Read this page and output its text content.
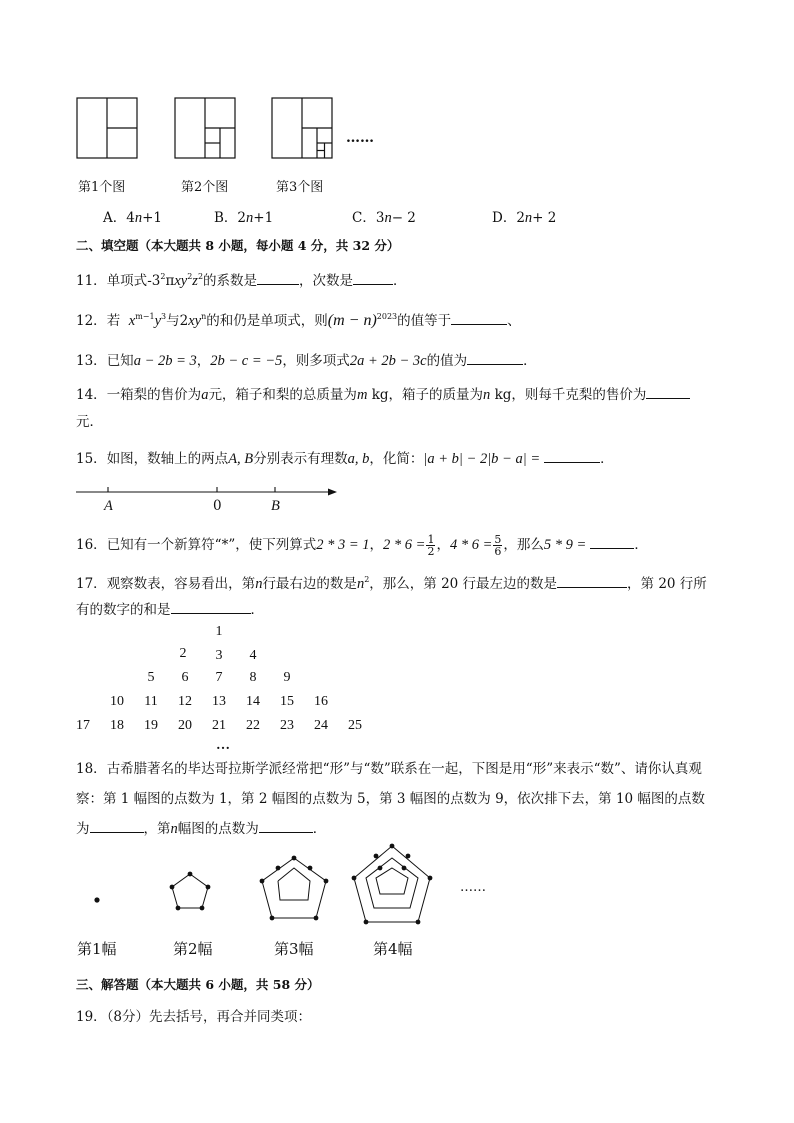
……
第1个图	第2个图	第3个图
A．4n+1	B．2n+1	C．3n− 2	D．2n+ 2
二、填空题（本大题共 8 小题，每小题 4 分，共 32 分）
11．单项式$-3^2\pi xy^2z^2$的系数是	，次数是	．
12．若 $x^{m-1}y^3$与$2xy^n$的和仍是单项式，则$(m - n)^{2023}$的值等于	、
13．已知a − 2b = 3，2b − c = −5，则多项式2a + 2b − 3c的值为	．
14．一箱梨的售价为a元，箱子和梨的总质量为m kg，箱子的质量为n kg，则每千克梨的售价为
元．
15．如图，数轴上的两点A, B分别表示有理数a, b，化简：|a + b| − 2|b − a| =	．
A	0	B
16．已知有一个新算符“*”，使下列算式2 * 3 = 1，$2 * 6 = \frac{1}{2}$ ，$4 * 6 = \frac{5}{6}$ ，那么5 * 9 =	．
17．观察数表，容易看出，第n行最右边的数是$n^2$，那么，第 20 行最左边的数是	，第 20 行所
有的数字的和是	．
1
2	3	4
5	6	7	8	9
10	11	12	13	14	15	16
17	18	19	20	21	22	23	24	25
…
18．古希腊著名的毕达哥拉斯学派经常把“形”与“数”联系在一起，下图是用“形”来表示“数”、请你认真观
察：第 1 幅图的点数为 1，第 2 幅图的点数为 5，第 3 幅图的点数为 9，依次排下去，第 10 幅图的点数
为	，第n幅图的点数为	．
……
第1幅	第2幅	第3幅	第4幅
三、解答题（本大题共 6 小题，共 58 分）
19．（8分）先去括号，再合并同类项：
